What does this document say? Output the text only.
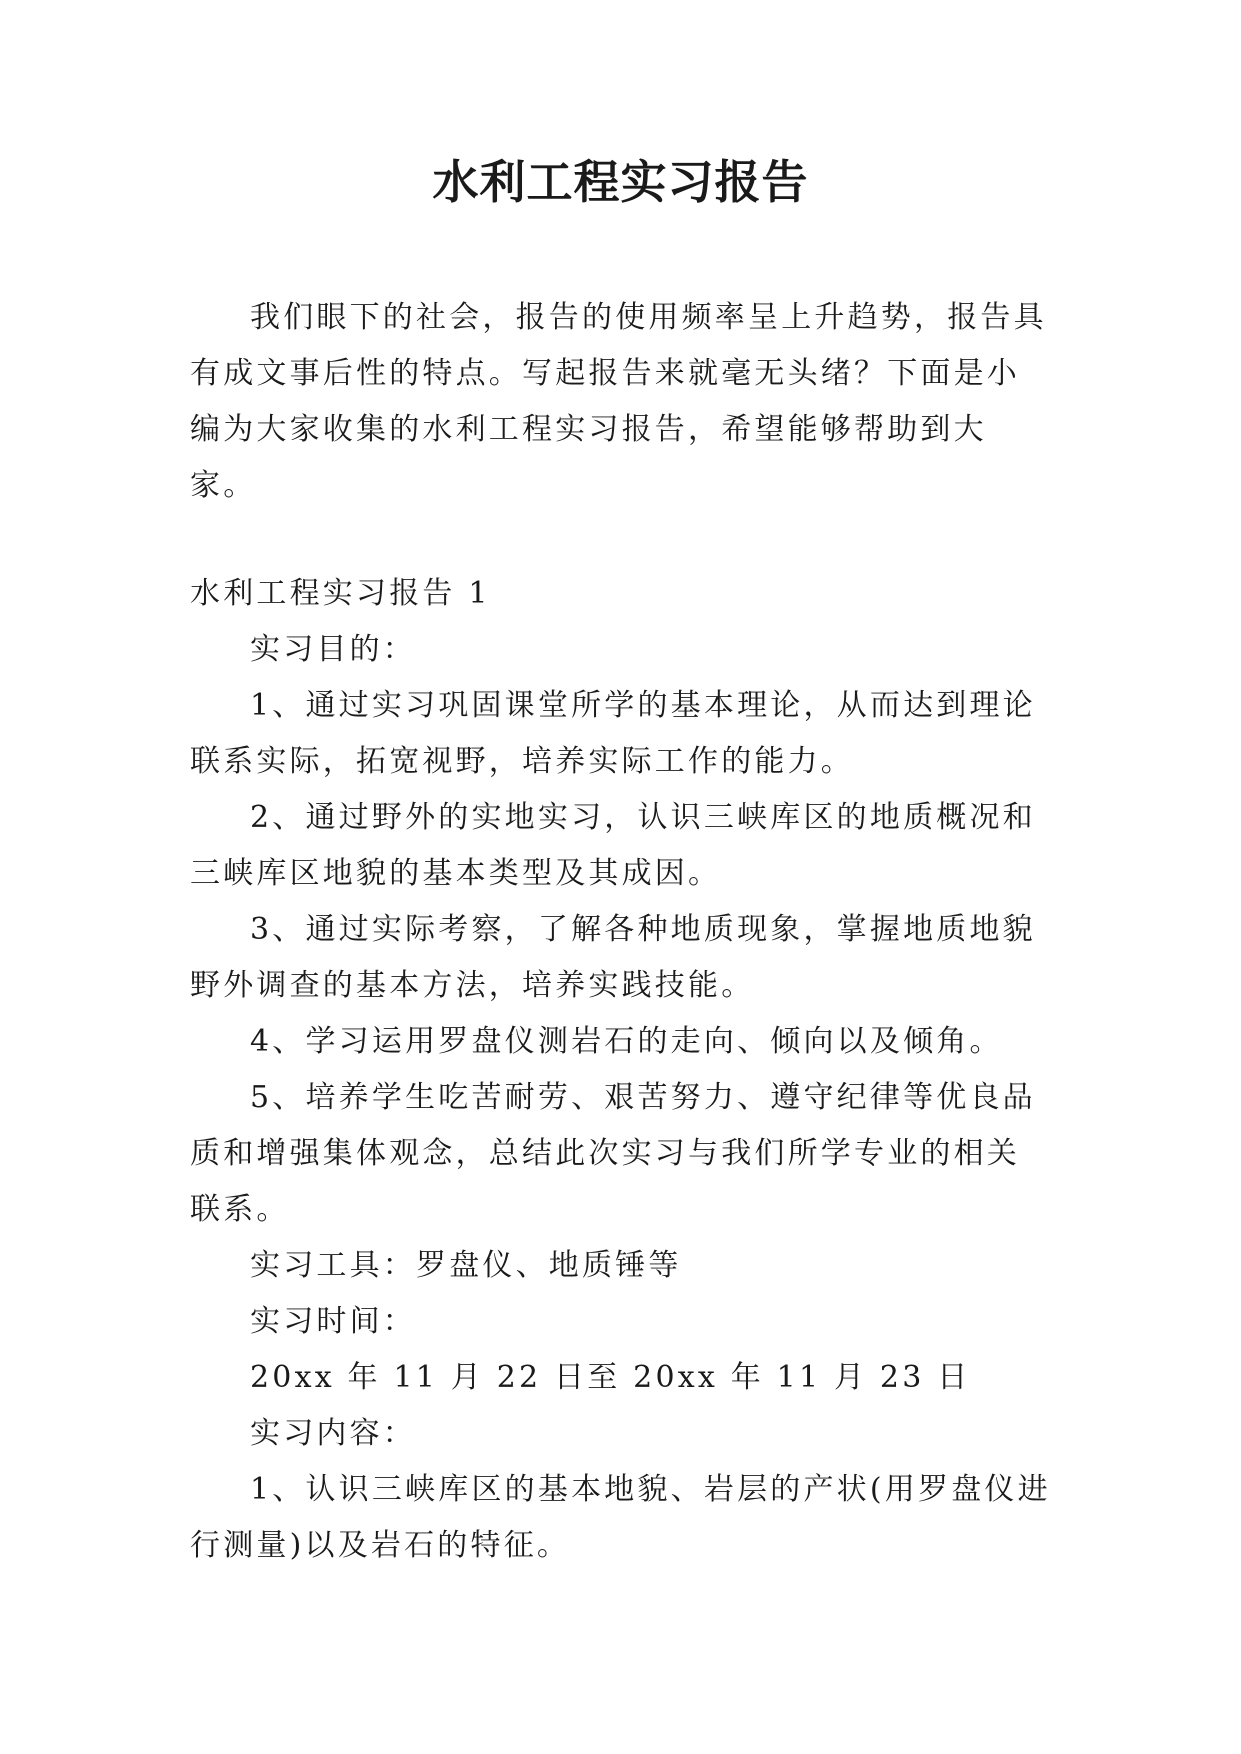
水利工程实习报告

我们眼下的社会，报告的使用频率呈上升趋势，报告具有成文事后性的特点。写起报告来就毫无头绪？下面是小编为大家收集的水利工程实习报告，希望能够帮助到大家。

水利工程实习报告 1

实习目的：

1、通过实习巩固课堂所学的基本理论，从而达到理论联系实际，拓宽视野，培养实际工作的能力。

2、通过野外的实地实习，认识三峡库区的地质概况和三峡库区地貌的基本类型及其成因。

3、通过实际考察，了解各种地质现象，掌握地质地貌野外调查的基本方法，培养实践技能。

4、学习运用罗盘仪测岩石的走向、倾向以及倾角。

5、培养学生吃苦耐劳、艰苦努力、遵守纪律等优良品质和增强集体观念，总结此次实习与我们所学专业的相关联系。

实习工具：罗盘仪、地质锤等

实习时间：

20xx 年 11 月 22 日至 20xx 年 11 月 23 日

实习内容：

1、认识三峡库区的基本地貌、岩层的产状(用罗盘仪进行测量)以及岩石的特征。
